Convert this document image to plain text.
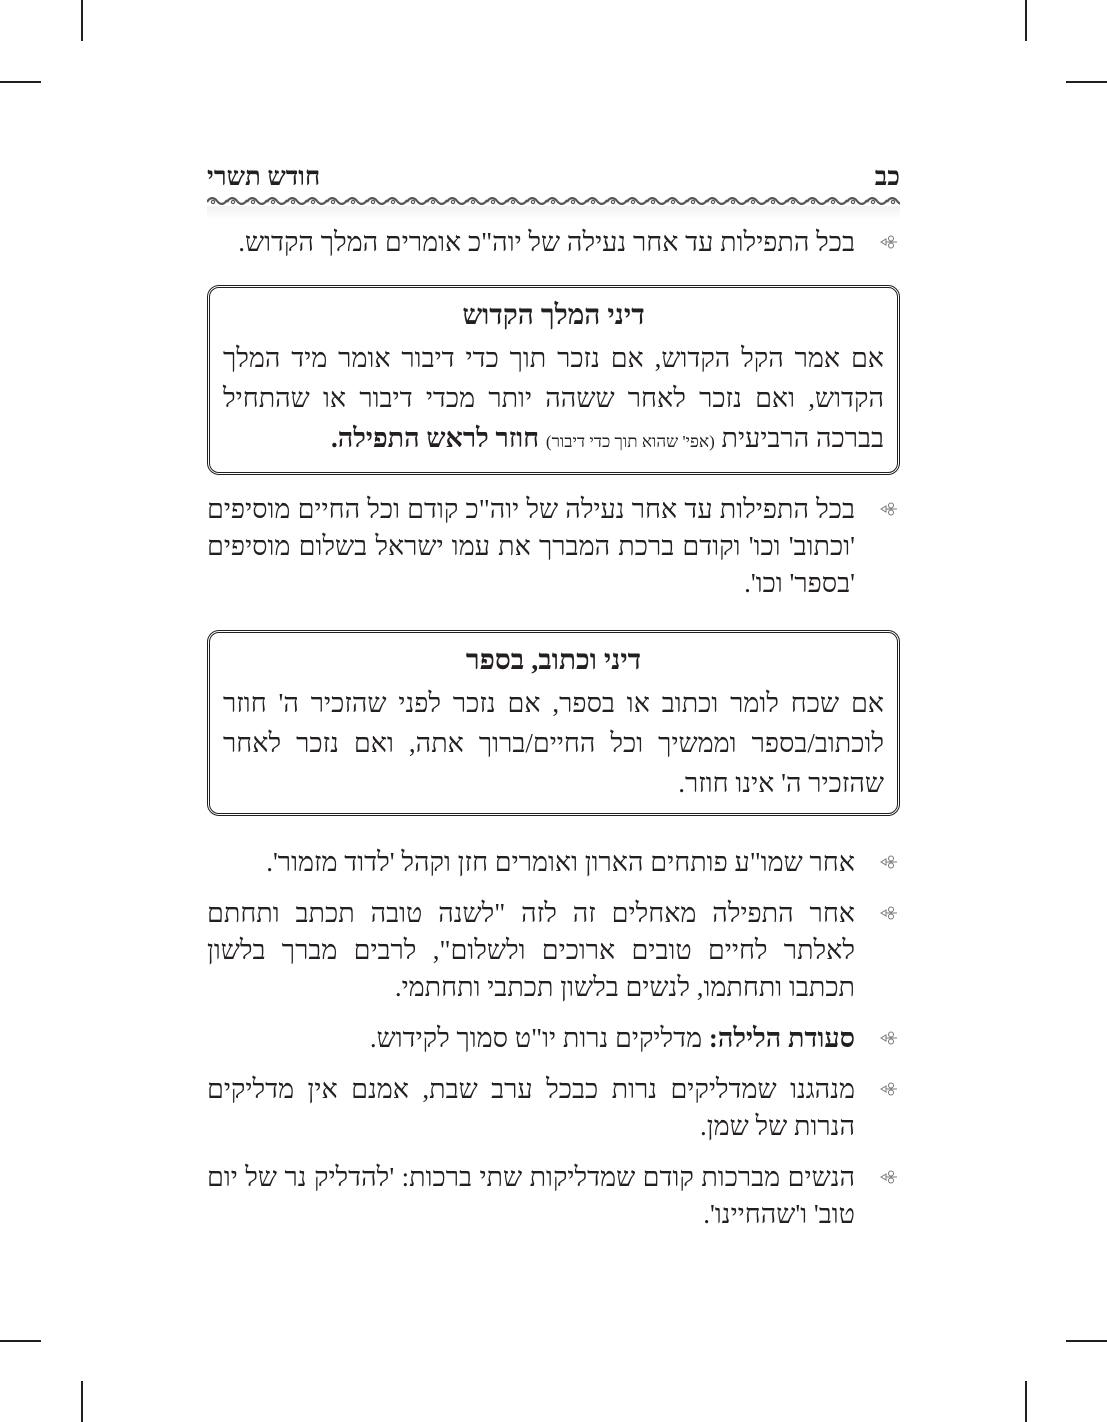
כב
חודש תשרי
בכל התפילות עד אחר נעילה של יוה"כ אומרים המלך הקדוש.
דיני המלך הקדוש
אם אמר הקל הקדוש, אם נזכר תוך כדי דיבור אומר מיד המלך הקדוש, ואם נזכר לאחר ששהה יותר מכדי דיבור או שהתחיל בברכה הרביעית (אפי' שהוא תוך כדי דיבור) חוזר לראש התפילה.
בכל התפילות עד אחר נעילה של יוה"כ קודם וכל החיים מוסיפים 'וכתוב' וכו' וקודם ברכת המברך את עמו ישראל בשלום מוסיפים 'בספר' וכו'.
דיני וכתוב, בספר
אם שכח לומר וכתוב או בספר, אם נזכר לפני שהזכיר ה' חוזר לוכתוב/בספר וממשיך וכל החיים/ברוך אתה, ואם נזכר לאחר שהזכיר ה' אינו חוזר.
אחר שמו"ע פותחים הארון ואומרים חזן וקהל 'לדוד מזמור'.
אחר התפילה מאחלים זה לזה "לשנה טובה תכתב ותחתם לאלתר לחיים טובים ארוכים ולשלום", לרבים מברך בלשון תכתבו ותחתמו, לנשים בלשון תכתבי ותחתמי.
סעודת הלילה: מדליקים נרות יו"ט סמוך לקידוש.
מנהגנו שמדליקים נרות כבכל ערב שבת, אמנם אין מדליקים הנרות של שמן.
הנשים מברכות קודם שמדליקות שתי ברכות: 'להדליק נר של יום טוב' ו'שהחיינו'.
